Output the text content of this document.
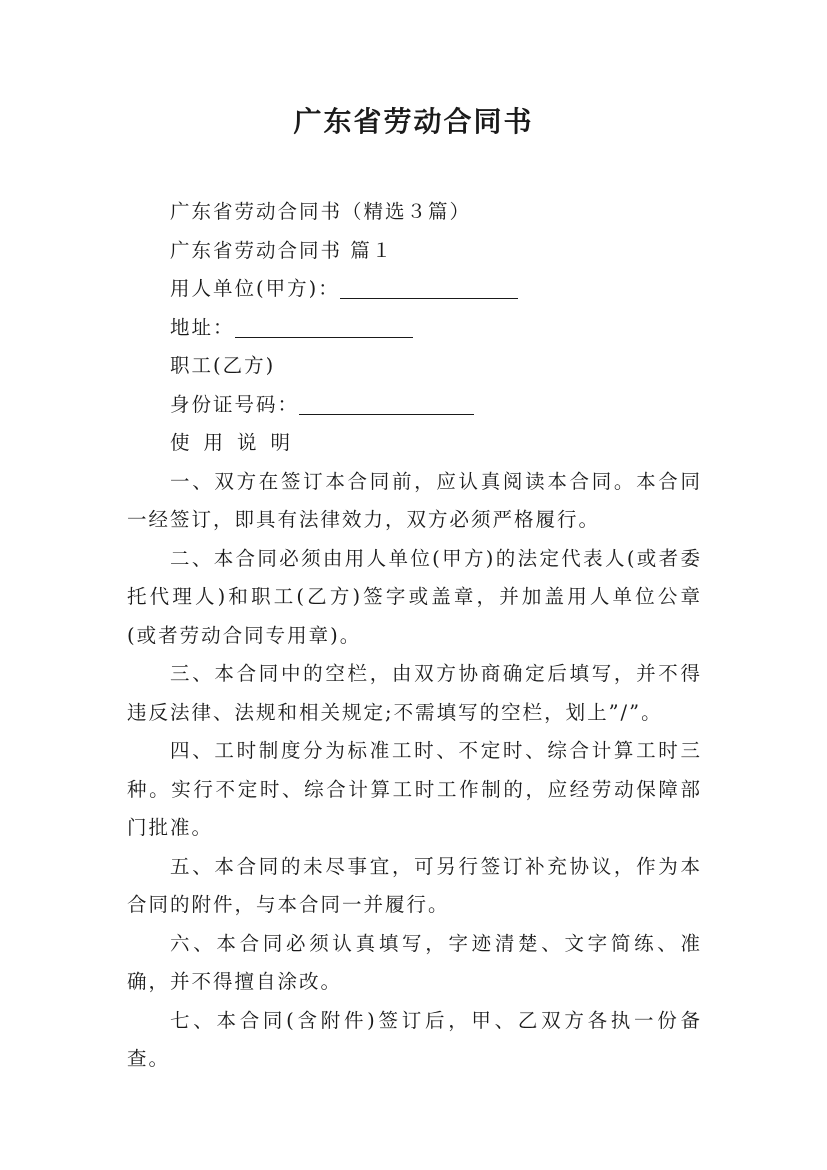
广东省劳动合同书

广东省劳动合同书（精选３篇）

广东省劳动合同书 篇１

用人单位(甲方)：

地址：

职工(乙方)

身份证号码：

使用说明

一、双方在签订本合同前，应认真阅读本合同。本合同一经签订，即具有法律效力，双方必须严格履行。

二、本合同必须由用人单位(甲方)的法定代表人(或者委托代理人)和职工(乙方)签字或盖章，并加盖用人单位公章(或者劳动合同专用章)。

三、本合同中的空栏，由双方协商确定后填写，并不得违反法律、法规和相关规定;不需填写的空栏，划上”/”。

四、工时制度分为标准工时、不定时、综合计算工时三种。实行不定时、综合计算工时工作制的，应经劳动保障部门批准。

五、本合同的未尽事宜，可另行签订补充协议，作为本合同的附件，与本合同一并履行。

六、本合同必须认真填写，字迹清楚、文字简练、准确，并不得擅自涂改。

七、本合同(含附件)签订后，甲、乙双方各执一份备查。
